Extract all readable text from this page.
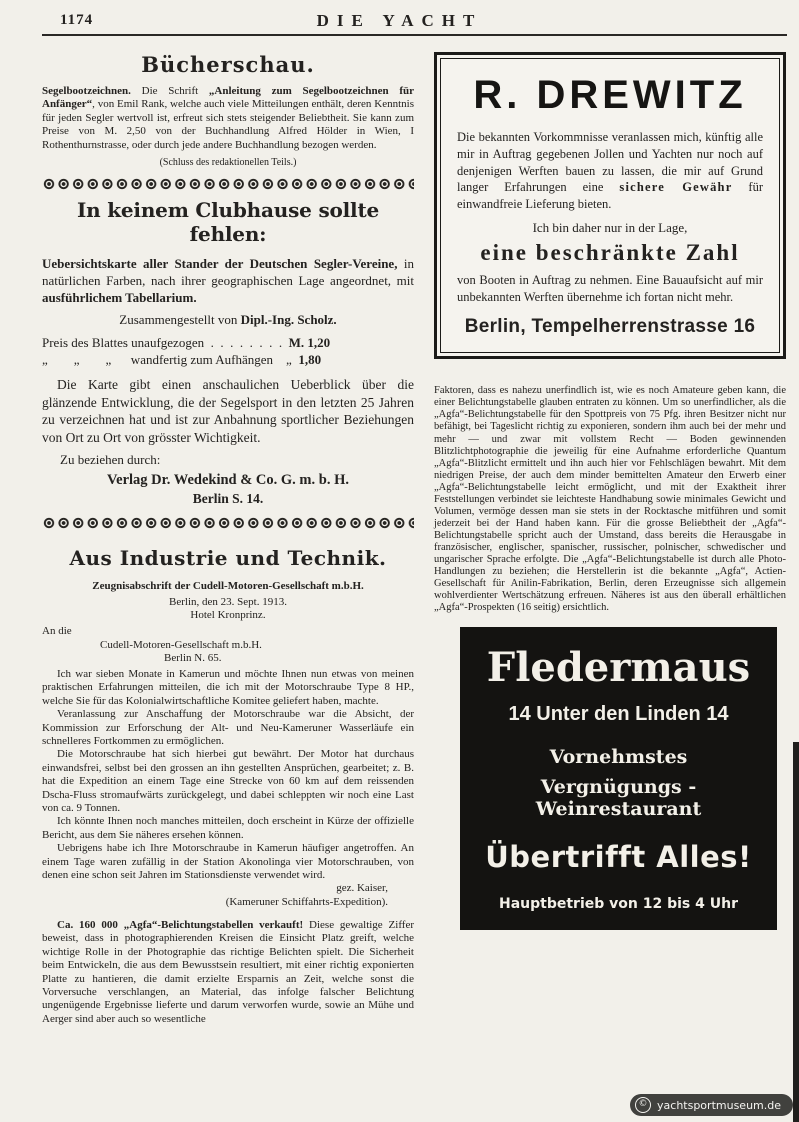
1174	DIE YACHT
Bücherschau.

Segelbootzeichnen. Die Schrift „Anleitung zum Segelbootzeichnen für Anfänger“, von Emil Rank, welche auch viele Mitteilungen enthält, deren Kenntnis für jeden Segler wertvoll ist, erfreut sich stets steigender Beliebtheit. Sie kann zum Preise von M. 2,50 von der Buchhandlung Alfred Hölder in Wien, I Rothenthurnstrasse, oder durch jede andere Buchhandlung bezogen werden.

(Schluss des redaktionellen Teils.)

In keinem Clubhause sollte fehlen:

Uebersichtskarte aller Stander der Deutschen Segler-Vereine, in natürlichen Farben, nach ihrer geographischen Lage angeordnet, mit ausführlichem Tabellarium.

Zusammengestellt von Dipl.-Ing. Scholz.

Preis des Blattes unaufgezogen  .  .  .  .  .  .  .  .  M. 1,20
„        „        „      wandfertig zum Aufhängen    „  1,80

Die Karte gibt einen anschaulichen Ueberblick über die glänzende Entwicklung, die der Segelsport in den letzten 25 Jahren zu verzeichnen hat und ist zur Anbahnung sportlicher Beziehungen von Ort zu Ort von grösster Wichtigkeit.

Zu beziehen durch:

Verlag Dr. Wedekind & Co. G. m. b. H.

Berlin S. 14.

Aus Industrie und Technik.

Zeugnisabschrift der Cudell-Motoren-Gesellschaft m.b.H.

Berlin, den 23. Sept. 1913.

Hotel Kronprinz.

An die

Cudell-Motoren-Gesellschaft m.b.H.

Berlin N. 65.

Ich war sieben Monate in Kamerun und möchte Ihnen nun etwas von meinen praktischen Erfahrungen mitteilen, die ich mit der Motorschraube Type 8 HP., welche Sie für das Kolonialwirtschaftliche Komitee geliefert haben, machte.

Veranlassung zur Anschaffung der Motorschraube war die Absicht, der Kommission zur Erforschung der Alt- und Neu-Kameruner Wasserläufe ein schnelleres Fortkommen zu ermöglichen.

Die Motorschraube hat sich hierbei gut bewährt. Der Motor hat durchaus einwandsfrei, selbst bei den grossen an ihn gestellten Ansprüchen, gearbeitet; z. B. hat die Expedition an einem Tage eine Strecke von 60 km auf dem reissenden Dscha-Fluss stromaufwärts zurückgelegt, und dabei schleppten wir noch eine Last von ca. 9 Tonnen.

Ich könnte Ihnen noch manches mitteilen, doch erscheint in Kürze der offizielle Bericht, aus dem Sie näheres ersehen können.

Uebrigens habe ich Ihre Motorschraube in Kamerun häufiger angetroffen. An einem Tage waren zufällig in der Station Akonolinga vier Motorschrauben, von denen eine schon seit Jahren im Stationsdienste verwendet wird.

gez. Kaiser,

(Kameruner Schiffahrts-Expedition).

Ca. 160 000 „Agfa“-Belichtungstabellen verkauft! Diese gewaltige Ziffer beweist, dass in photographierenden Kreisen die Einsicht Platz greift, welche wichtige Rolle in der Photographie das richtige Belichten spielt. Die Sicherheit beim Entwickeln, die aus dem Bewusstsein resultiert, mit einer richtig exponierten Platte zu hantieren, die damit erzielte Ersparnis an Zeit, welche sonst die Vorversuche verschlangen, an Material, das infolge falscher Belichtung ungenügende Ergebnisse lieferte und darum verworfen wurde, sowie an Mühe und Aerger sind aber auch so wesentliche

R. DREWITZ

Die bekannten Vorkommnisse veranlassen mich, künftig alle mir in Auftrag gegebenen Jollen und Yachten nur noch auf denjenigen Werften bauen zu lassen, die mir auf Grund langer Erfahrungen eine sichere Gewähr für einwandfreie Lieferung bieten.

Ich bin daher nur in der Lage,

eine beschränkte Zahl

von Booten in Auftrag zu nehmen. Eine Bauaufsicht auf mir unbekannten Werften übernehme ich fortan nicht mehr.

Berlin, Tempelherrenstrasse 16

Faktoren, dass es nahezu unerfindlich ist, wie es noch Amateure geben kann, die einer Belichtungstabelle glauben entraten zu können. Um so unerfindlicher, als die „Agfa“-Belichtungstabelle für den Spottpreis von 75 Pfg. ihren Besitzer nicht nur befähigt, bei Tageslicht richtig zu exponieren, sondern ihm auch bei der mehr und mehr — und zwar mit vollstem Recht — Boden gewinnenden Blitzlichtphotographie die jeweilig für eine Aufnahme erforderliche Quantum „Agfa“-Blitzlicht ermittelt und ihn auch hier vor Fehlschlägen bewahrt. Mit dem niedrigen Preise, der auch dem minder bemittelten Amateur den Erwerb einer „Agfa“-Belichtungstabelle leicht ermöglicht, und mit der Exaktheit ihrer Feststellungen verbindet sie leichteste Handhabung sowie minimales Gewicht und Volumen, vermöge dessen man sie stets in der Rocktasche mitführen und somit jederzeit bei der Hand haben kann. Für die grosse Beliebtheit der „Agfa“-Belichtungstabelle spricht auch der Umstand, dass bereits die Herausgabe in französischer, englischer, spanischer, russischer, polnischer, schwedischer und ungarischer Sprache erfolgte. Die „Agfa“-Belichtungstabelle ist durch alle Photo-Handlungen zu beziehen; die Herstellerin ist die bekannte „Agfa“, Actien-Gesellschaft für Anilin-Fabrikation, Berlin, deren Erzeugnisse sich allgemein wohlverdienter Wertschätzung erfreuen. Näheres ist aus den überall erhältlichen „Agfa“-Prospekten (16 seitig) ersichtlich.

Fledermaus
14 Unter den Linden 14
Vornehmstes
Vergnügungs - Weinrestaurant
Übertrifft Alles!
Hauptbetrieb von 12 bis 4 Uhr
© yachtsportmuseum.de
